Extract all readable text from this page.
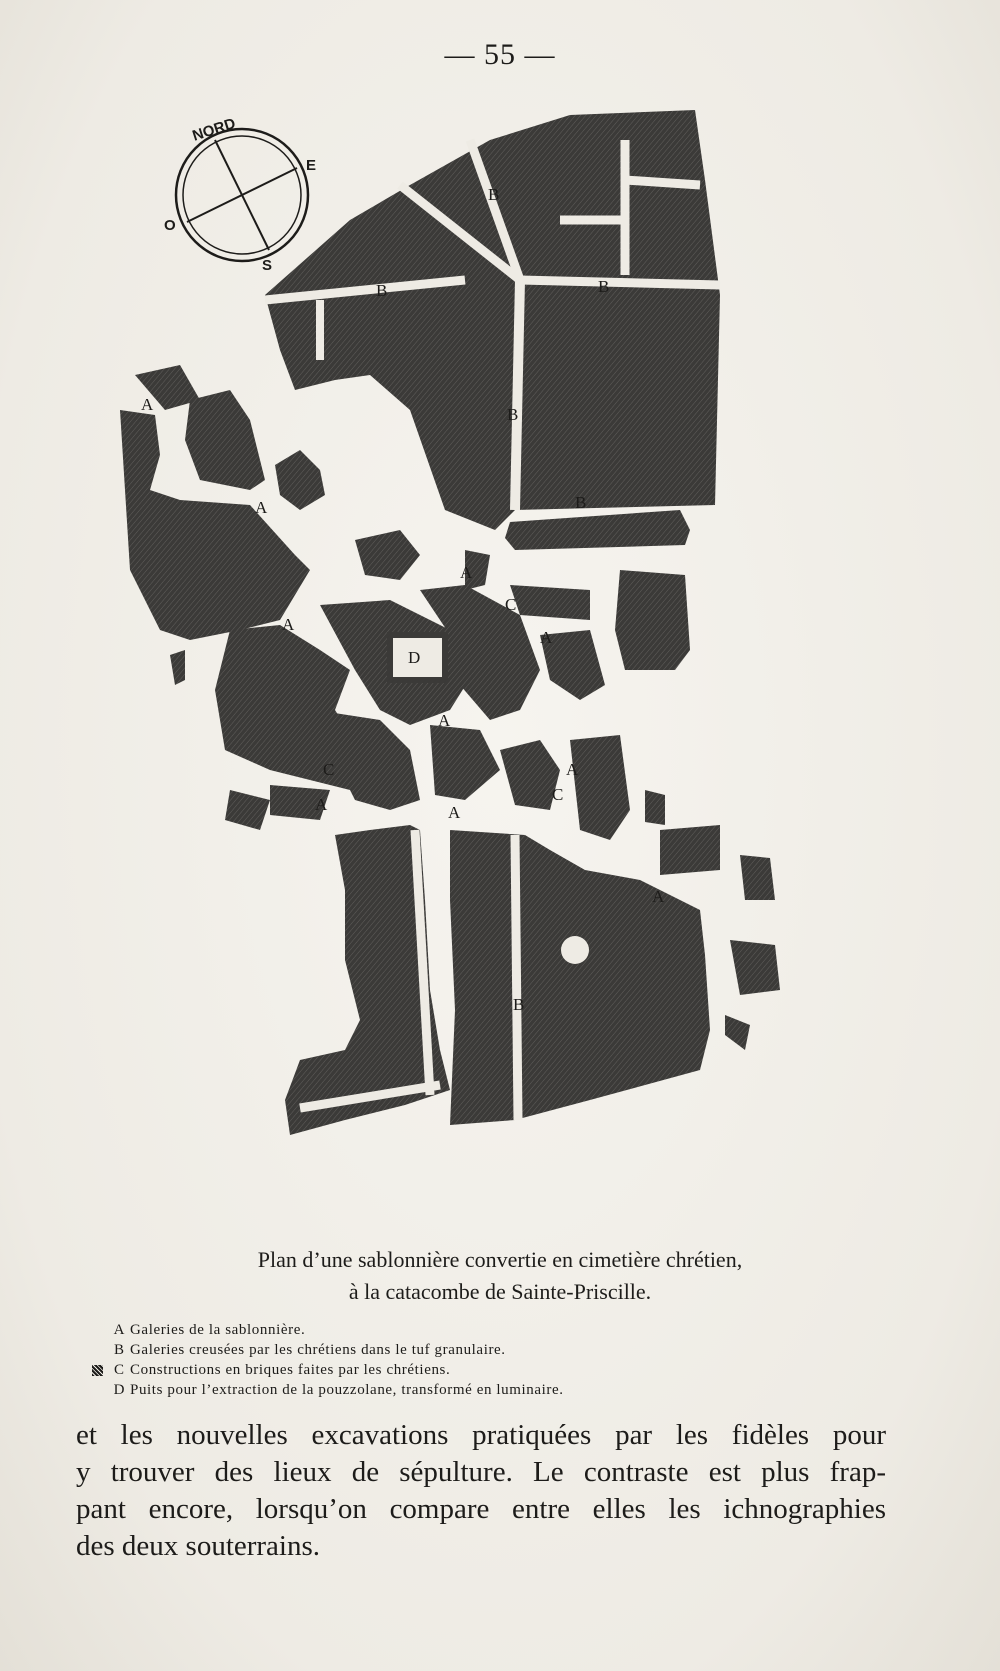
— 55 —
NORD
E
S
O
B
B	B
B
B
B
A
A
A
A
A
A
A
A	A
A
C
C
C
D
Plan d’une sablonnière convertie en cimetière chrétien,
à la catacombe de Sainte-Priscille.
A Galeries de la sablonnière.
B Galeries creusées par les chrétiens dans le tuf granulaire.
C Constructions en briques faites par les chrétiens.
D Puits pour l’extraction de la pouzzolane, transformé en luminaire.
et les nouvelles excavations pratiquées par les fidèles pour
y trouver des lieux de sépulture. Le contraste est plus frap-
pant encore, lorsqu’on compare entre elles les ichnographies
des deux souterrains.
